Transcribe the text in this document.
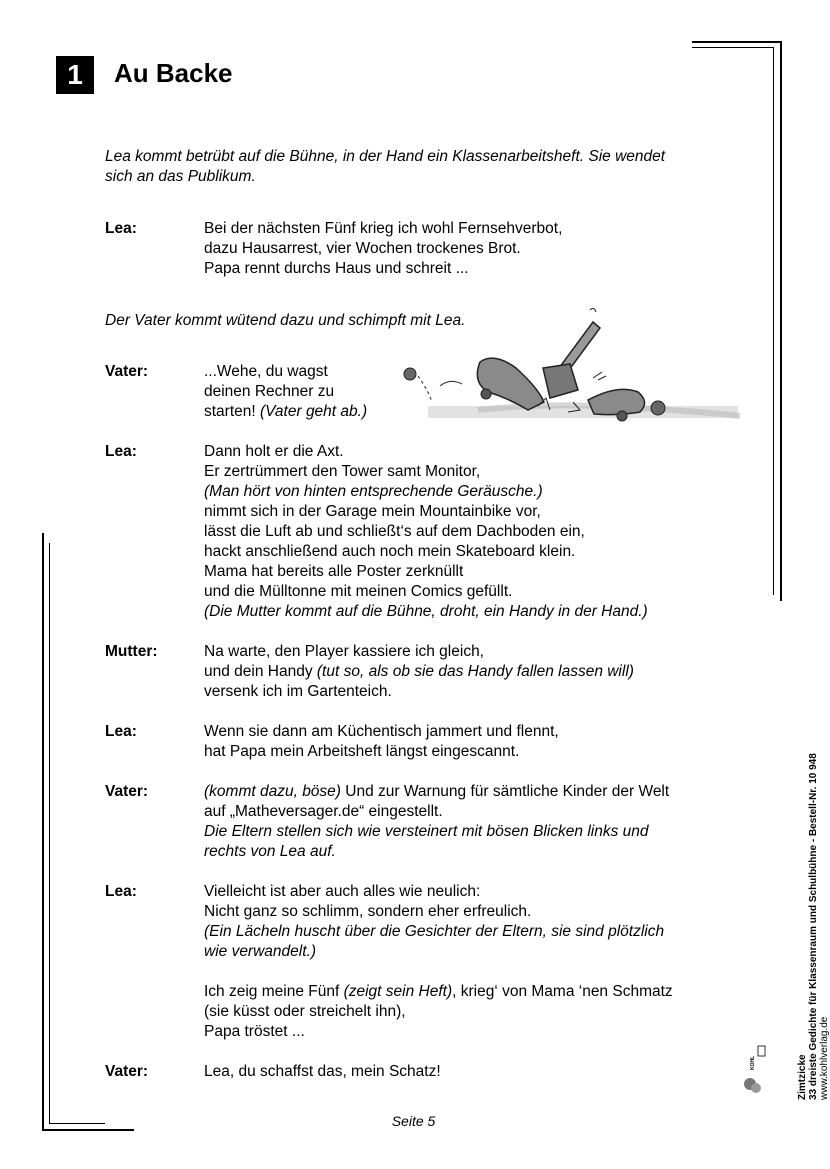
1	Au Backe
Lea kommt betrübt auf die Bühne, in der Hand ein Klassenarbeitsheft. Sie wendet
sich an das Publikum.
Lea:	Bei der nächsten Fünf krieg ich wohl Fernsehverbot,
dazu Hausarrest, vier Wochen trockenes Brot.
Papa rennt durchs Haus und schreit ...
Der Vater kommt wütend dazu und schimpft mit Lea.
Vater:	...Wehe, du wagst
deinen Rechner zu
starten! (Vater geht ab.)
Lea:	Dann holt er die Axt.
Er zertrümmert den Tower samt Monitor,
(Man hört von hinten entsprechende Geräusche.)
nimmt sich in der Garage mein Mountainbike vor,
lässt die Luft ab und schließt‘s auf dem Dachboden ein,
hackt anschließend auch noch mein Skateboard klein.
Mama hat bereits alle Poster zerknüllt
und die Mülltonne mit meinen Comics gefüllt.
(Die Mutter kommt auf die Bühne, droht, ein Handy in der Hand.)
Mutter:	Na warte, den Player kassiere ich gleich,
und dein Handy (tut so, als ob sie das Handy fallen lassen will)
versenk ich im Gartenteich.
Lea:	Wenn sie dann am Küchentisch jammert und flennt,
hat Papa mein Arbeitsheft längst eingescannt.
Vater:	(kommt dazu, böse) Und zur Warnung für sämtliche Kinder der Welt
auf „Matheversager.de“ eingestellt.
Die Eltern stellen sich wie versteinert mit bösen Blicken links und
rechts von Lea auf.
Lea:	Vielleicht ist aber auch alles wie neulich:
Nicht ganz so schlimm, sondern eher erfreulich.
(Ein Lächeln huscht über die Gesichter der Eltern, sie sind plötzlich
wie verwandelt.)
Ich zeig meine Fünf (zeigt sein Heft), krieg‘ von Mama ‘nen Schmatz
(sie küsst oder streichelt ihn),
Papa tröstet ...
Vater:	Lea, du schaffst das, mein Schatz!
Seite 5
Zimtzicke 33 dreiste Gedichte für Klassenraum und Schulbühne - Bestell-Nr. 10 948
www.kohlverlag.de
KOHL
